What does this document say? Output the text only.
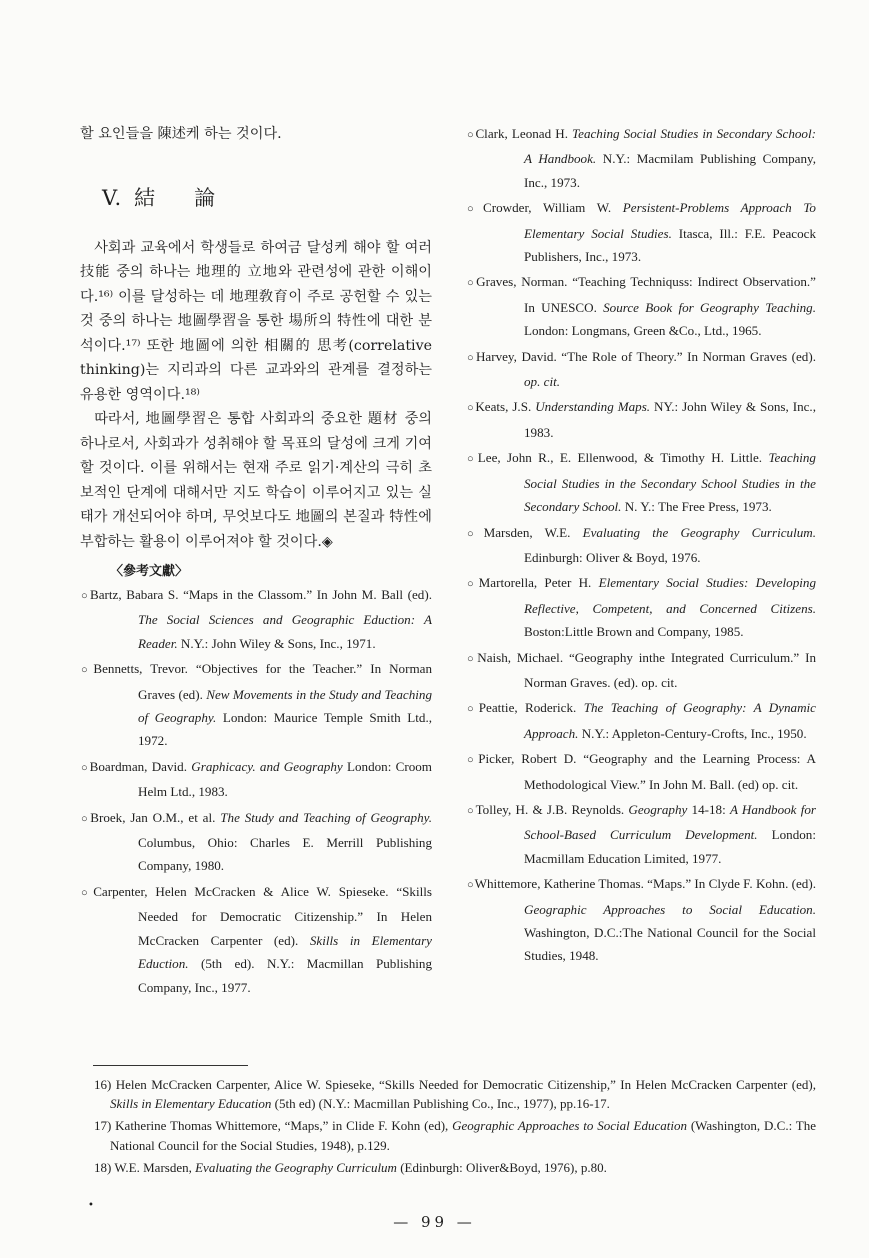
할 요인들을 陳述케 하는 것이다.

V. 結 論

사회과 교육에서 학생들로 하여금 달성케 해야 할 여러 技能 중의 하나는 地理的 立地와 관련성에 관한 이해이다.¹⁶⁾ 이를 달성하는 데 地理敎育이 주로 공헌할 수 있는 것 중의 하나는 地圖學習을 통한 場所의 特性에 대한 분석이다.¹⁷⁾ 또한 地圖에 의한 相關的 思考(correlative thinking)는 지리과의 다른 교과와의 관계를 결정하는 유용한 영역이다.¹⁸⁾

따라서, 地圖學習은 통합 사회과의 중요한 題材 중의 하나로서, 사회과가 성취해야 할 목표의 달성에 크게 기여할 것이다. 이를 위해서는 현재 주로 읽기·계산의 극히 초보적인 단계에 대해서만 지도 학습이 이루어지고 있는 실태가 개선되어야 하며, 무엇보다도 地圖의 본질과 特性에 부합하는 활용이 이루어져야 할 것이다.◈

〈參考文獻〉

○Bartz, Babara S. “Maps in the Classom.” In John M. Ball (ed). The Social Sciences and Geographic Eduction: A Reader. N.Y.: John Wiley & Sons, Inc., 1971.

○Bennetts, Trevor. “Objectives for the Teacher.” In Norman Graves (ed). New Movements in the Study and Teaching of Geography. London: Maurice Temple Smith Ltd., 1972.

○Boardman, David. Graphicacy. and Geography London: Croom Helm Ltd., 1983.

○Broek, Jan O.M., et al. The Study and Teaching of Geography. Columbus, Ohio: Charles E. Merrill Publishing Company, 1980.

○Carpenter, Helen McCracken & Alice W. Spieseke. “Skills Needed for Democratic Citizenship.” In Helen McCracken Carpenter (ed). Skills in Elementary Eduction. (5th ed). N.Y.: Macmillan Publishing Company, Inc., 1977.

○Clark, Leonad H. Teaching Social Studies in Secondary School: A Handbook. N.Y.: Macmilam Publishing Company, Inc., 1973.

○Crowder, William W. Persistent-Problems Approach To Elementary Social Studies. Itasca, Ill.: F.E. Peacock Publishers, Inc., 1973.

○Graves, Norman. “Teaching Techniquss: Indirect Observation.” In UNESCO. Source Book for Geography Teaching. London: Longmans, Green &Co., Ltd., 1965.

○Harvey, David. “The Role of Theory.” In Norman Graves (ed). op. cit.

○Keats, J.S. Understanding Maps. NY.: John Wiley & Sons, Inc., 1983.

○Lee, John R., E. Ellenwood, & Timothy H. Little. Teaching Social Studies in the Secondary School Studies in the Secondary School. N. Y.: The Free Press, 1973.

○Marsden, W.E. Evaluating the Geography Curriculum. Edinburgh: Oliver & Boyd, 1976.

○Martorella, Peter H. Elementary Social Studies: Developing Reflective, Competent, and Concerned Citizens. Boston:Little Brown and Company, 1985.

○Naish, Michael. “Geography inthe Integrated Curriculum.” In Norman Graves. (ed). op. cit.

○Peattie, Roderick. The Teaching of Geography: A Dynamic Approach. N.Y.: Appleton-Century-Crofts, Inc., 1950.

○Picker, Robert D. “Geography and the Learning Process: A Methodological View.” In John M. Ball. (ed) op. cit.

○Tolley, H. & J.B. Reynolds. Geography 14-18: A Handbook for School-Based Curriculum Development. London: Macmillam Education Limited, 1977.

○Whittemore, Katherine Thomas. “Maps.” In Clyde F. Kohn. (ed). Geographic Approaches to Social Education. Washington, D.C.:The National Council for the Social Studies, 1948.

16) Helen McCracken Carpenter, Alice W. Spieseke, “Skills Needed for Democratic Citizenship,” In Helen McCracken Carpenter (ed), Skills in Elementary Education (5th ed) (N.Y.: Macmillan Publishing Co., Inc., 1977), pp.16-17.

17) Katherine Thomas Whittemore, “Maps,” in Clide F. Kohn (ed), Geographic Approaches to Social Education (Washington, D.C.: The National Council for the Social Studies, 1948), p.129.

18) W.E. Marsden, Evaluating the Geography Curriculum (Edinburgh: Oliver&Boyd, 1976), p.80.

•
— 99 —
